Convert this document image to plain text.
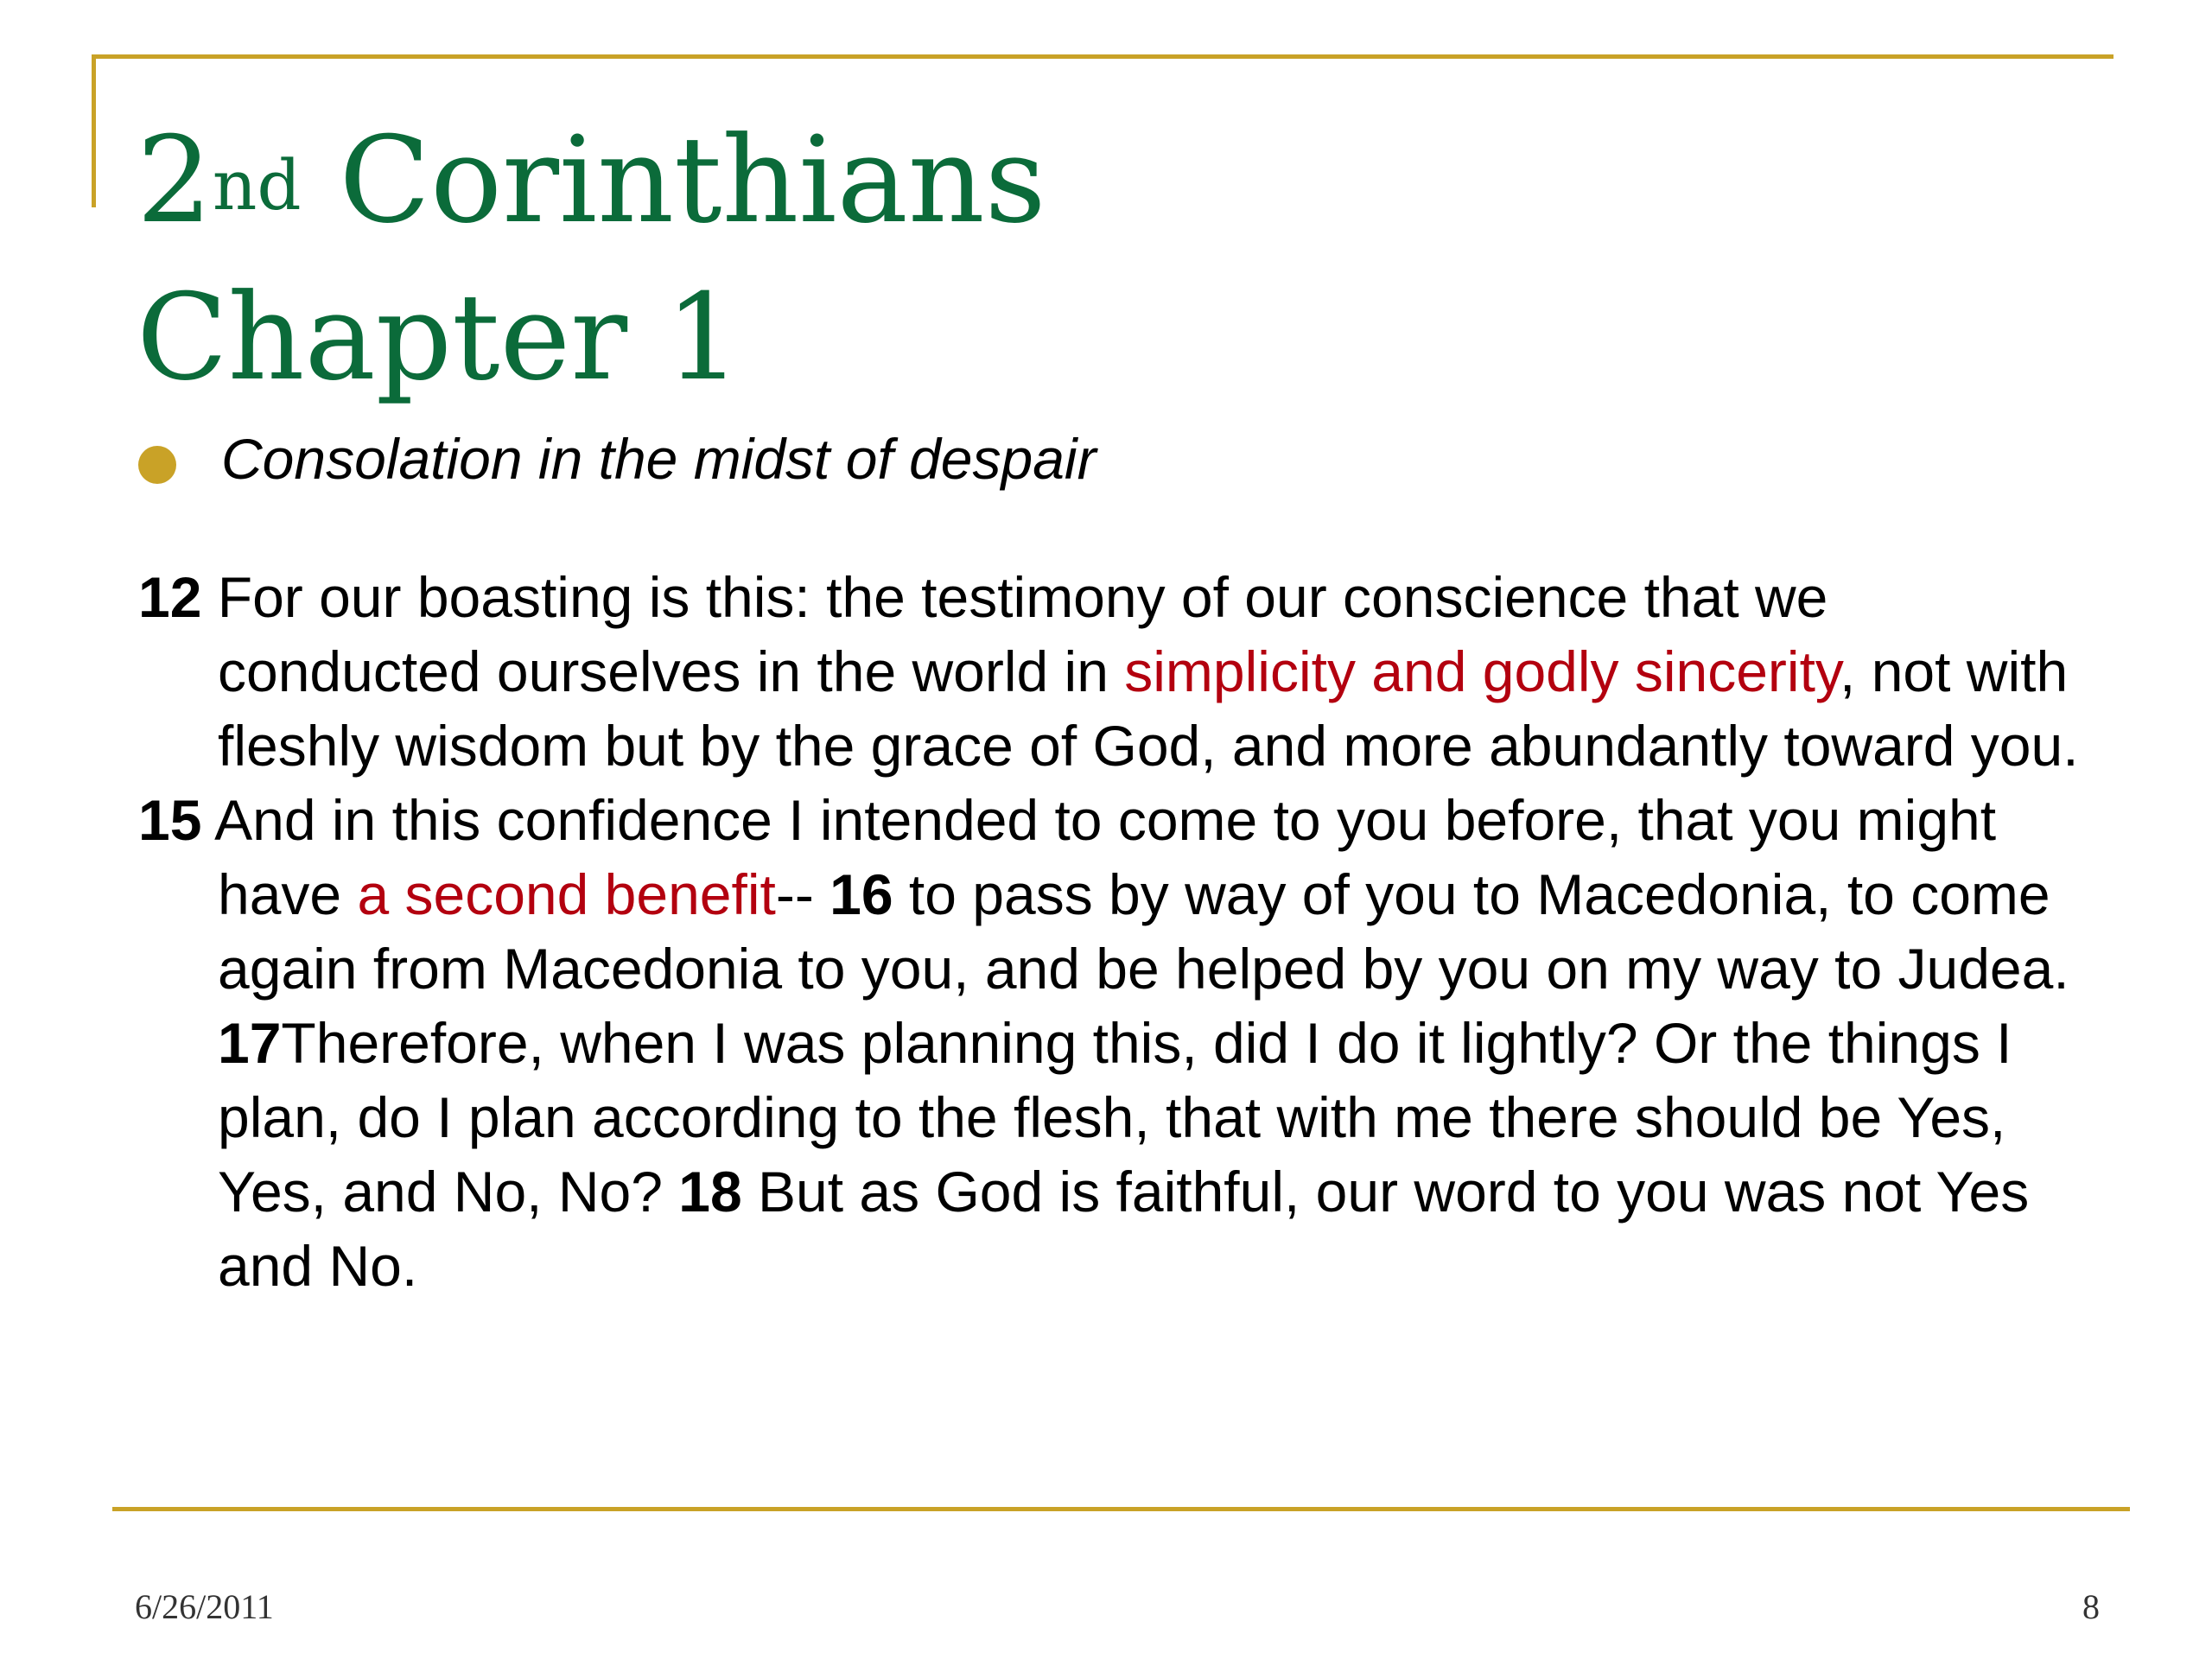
2nd Corinthians
Chapter 1
Consolation in the midst of despair

12 For our boasting is this: the testimony of our conscience that we conducted ourselves in the world in simplicity and godly sincerity, not with fleshly wisdom but by the grace of God, and more abundantly toward you.

15 And in this confidence I intended to come to you before, that you might have a second benefit-- 16 to pass by way of you to Macedonia, to come again from Macedonia to you, and be helped by you on my way to Judea. 17Therefore, when I was planning this, did I do it lightly? Or the things I plan, do I plan according to the flesh, that with me there should be Yes, Yes, and No, No? 18 But as God is faithful, our word to you was not Yes and No.

6/26/2011	8
